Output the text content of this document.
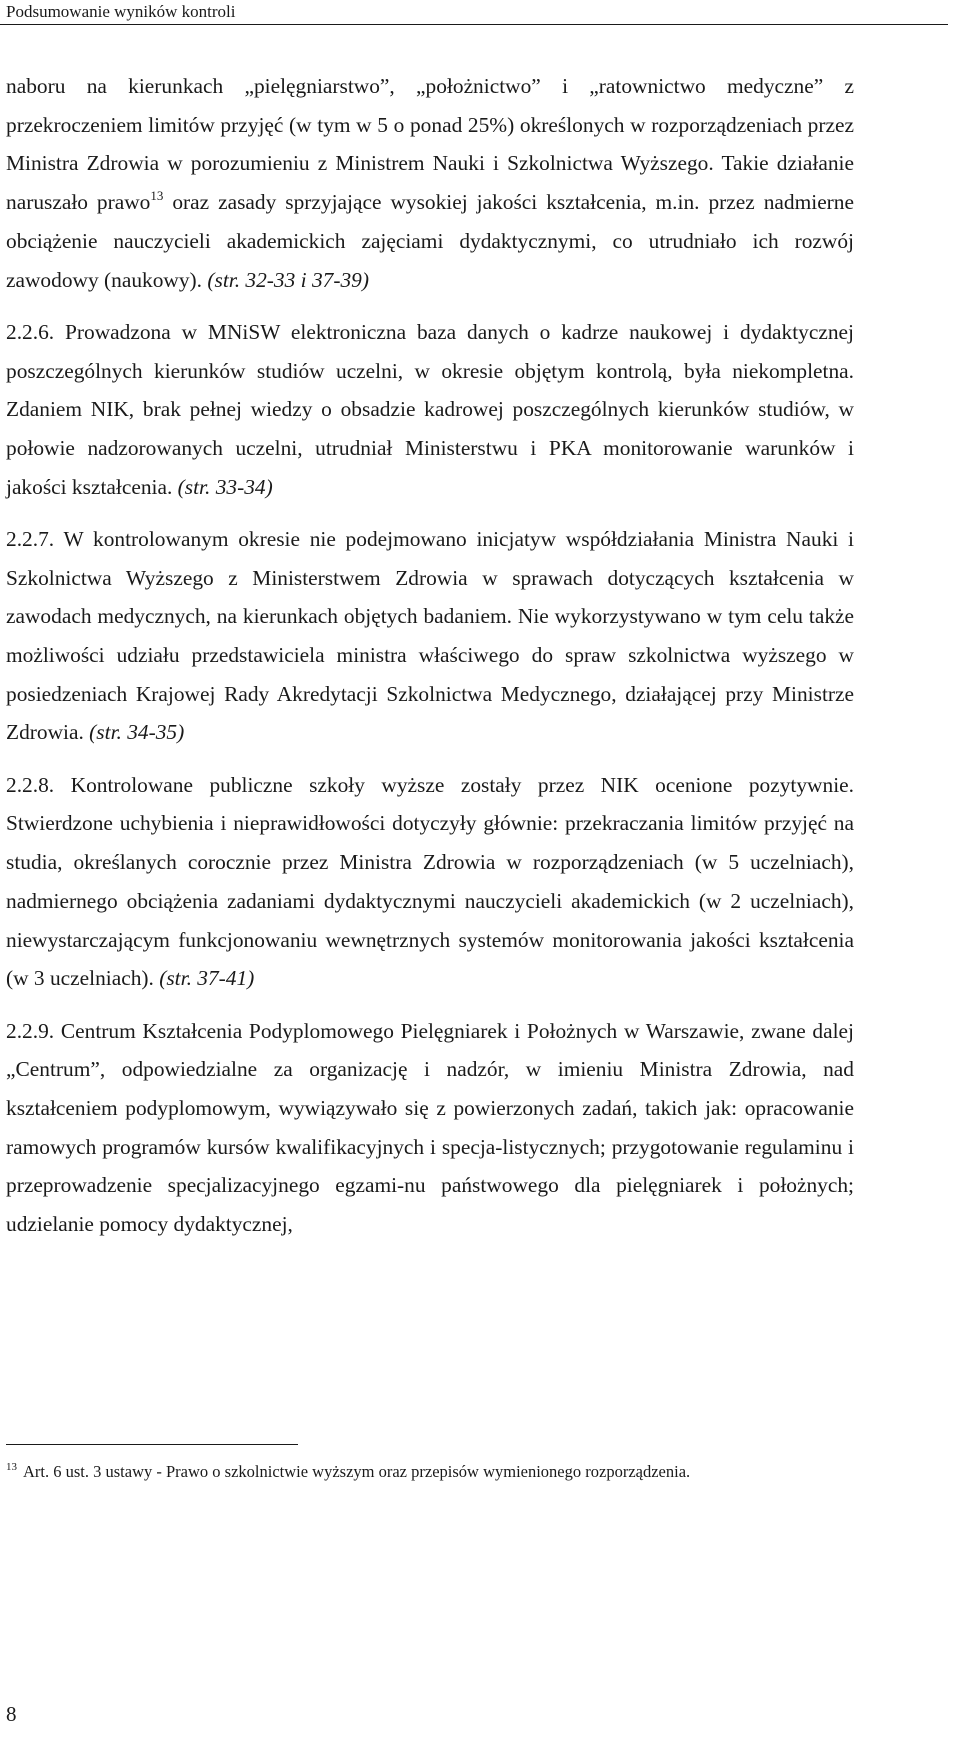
Podsumowanie wyników kontroli

naboru na kierunkach „pielęgniarstwo”, „położnictwo” i „ratownictwo medyczne” z przekroczeniem limitów przyjęć (w tym w 5 o ponad 25%) określonych w rozporządzeniach przez Ministra Zdrowia w porozumieniu z Ministrem Nauki i Szkolnictwa Wyższego. Takie działanie naruszało prawo$^{13}$ oraz zasady sprzyjające wysokiej jakości kształcenia, m.in. przez nadmierne obciążenie nauczycieli akademickich zajęciami dydaktycznymi, co utrudniało ich rozwój zawodowy (naukowy). (str. 32-33 i 37-39)

2.2.6. Prowadzona w MNiSW elektroniczna baza danych o kadrze naukowej i dydaktycznej poszczególnych kierunków studiów uczelni, w okresie objętym kontrolą, była niekompletna. Zdaniem NIK, brak pełnej wiedzy o obsadzie kadrowej poszczególnych kierunków studiów, w połowie nadzorowanych uczelni, utrudniał Ministerstwu i PKA monitorowanie warunków i jakości kształcenia. (str. 33-34)

2.2.7. W kontrolowanym okresie nie podejmowano inicjatyw współdziałania Ministra Nauki i Szkolnictwa Wyższego z Ministerstwem Zdrowia w sprawach dotyczących kształcenia w zawodach medycznych, na kierunkach objętych badaniem. Nie wykorzystywano w tym celu także możliwości udziału przedstawiciela ministra właściwego do spraw szkolnictwa wyższego w posiedzeniach Krajowej Rady Akredytacji Szkolnictwa Medycznego, działającej przy Ministrze Zdrowia. (str. 34-35)

2.2.8. Kontrolowane publiczne szkoły wyższe zostały przez NIK ocenione pozytywnie. Stwierdzone uchybienia i nieprawidłowości dotyczyły głównie: przekraczania limitów przyjęć na studia, określanych corocznie przez Ministra Zdrowia w rozporządzeniach (w 5 uczelniach), nadmiernego obciążenia zadaniami dydaktycznymi nauczycieli akademickich (w 2 uczelniach), niewystarczającym funkcjonowaniu wewnętrznych systemów monitorowania jakości kształcenia (w 3 uczelniach). (str. 37-41)

2.2.9. Centrum Kształcenia Podyplomowego Pielęgniarek i Położnych w Warszawie, zwane dalej „Centrum”, odpowiedzialne za organizację i nadzór, w imieniu Ministra Zdrowia, nad kształceniem podyplomowym, wywiązywało się z powierzonych zadań, takich jak: opracowanie ramowych programów kursów kwalifikacyjnych i specja-listycznych; przygotowanie regulaminu i przeprowadzenie specjalizacyjnego egzami-nu państwowego dla pielęgniarek i położnych; udzielanie pomocy dydaktycznej,

$^{13}$ Art. 6 ust. 3 ustawy - Prawo o szkolnictwie wyższym oraz przepisów wymienionego rozporządzenia.
8
